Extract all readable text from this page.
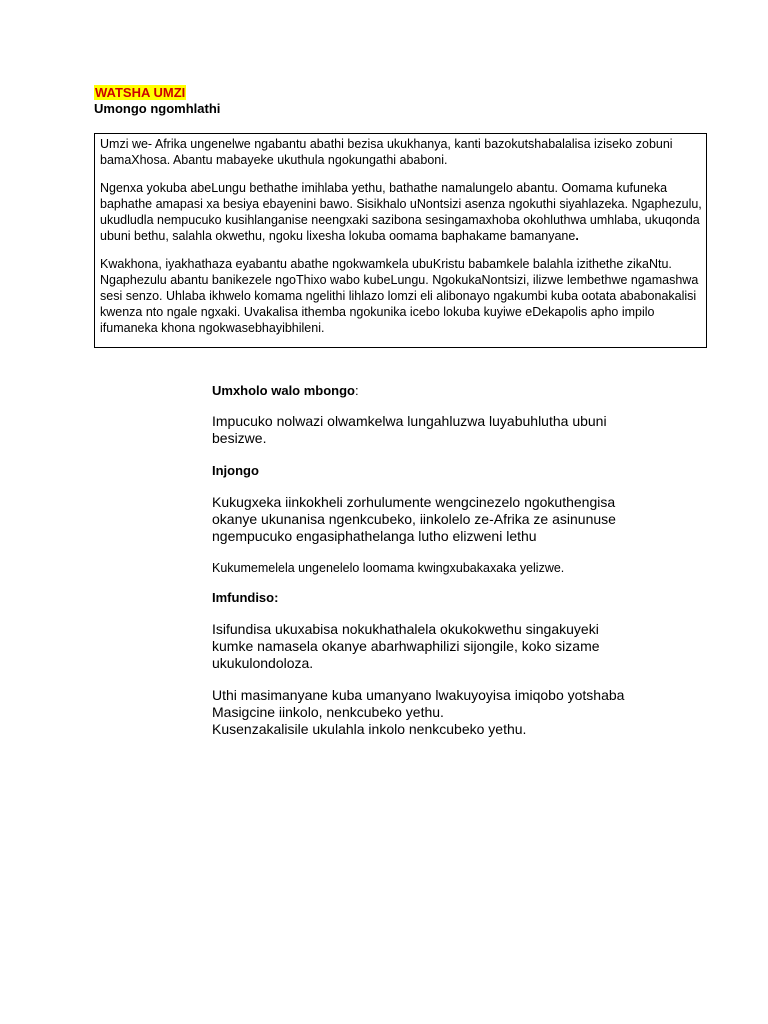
WATSHA UMZI
Umongo ngomhlathi

Umzi we- Afrika ungenelwe ngabantu abathi bezisa ukukhanya, kanti bazokutshabalalisa iziseko zobuni bamaXhosa. Abantu mabayeke ukuthula ngokungathi ababoni.

Ngenxa yokuba abeLungu bethathe imihlaba yethu, bathathe namalungelo abantu. Oomama kufuneka baphathe amapasi xa besiya ebayenini bawo. Sisikhalo uNontsizi asenza ngokuthi siyahlazeka. Ngaphezulu, ukudludla nempucuko kusihlanganise neengxaki sazibona sesingamaxhoba okohluthwa umhlaba, ukuqonda ubuni bethu, salahla okwethu, ngoku lixesha lokuba oomama baphakame bamanyane.

Kwakhona, iyakhathaza eyabantu abathe ngokwamkela ubuKristu babamkele balahla izithethe zikaNtu. Ngaphezulu abantu banikezele ngoThixo wabo kubeLungu. NgokukaNontsizi, ilizwe lembethwe ngamashwa sesi senzo. Uhlaba ikhwelo komama ngelithi lihlazo lomzi eli alibonayo ngakumbi kuba ootata ababonakalisi kwenza nto ngale ngxaki. Uvakalisa ithemba ngokunika icebo lokuba kuyiwe eDekapolis apho impilo ifumaneka khona ngokwasebhayibhileni.

Umxholo walo mbongo:

Impucuko nolwazi olwamkelwa lungahluzwa luyabuhlutha ubuni besizwe.

Injongo

Kukugxeka iinkokheli zorhulumente wengcinezelo ngokuthengisa okanye ukunanisa ngenkcubeko, iinkolelo ze-Afrika ze asinunuse ngempucuko engasiphathelanga lutho elizweni lethu

Kukumemelela ungenelelo loomama kwingxubakaxaka yelizwe.

Imfundiso:

Isifundisa ukuxabisa nokukhathalela okukokwethu singakuyeki kumke namasela okanye abarhwaphilizi sijongile, koko sizame ukukulondoloza.

Uthi masimanyane kuba umanyano lwakuyoyisa imiqobo yotshaba

Masigcine iinkolo, nenkcubeko yethu.

Kusenzakalisile ukulahla inkolo nenkcubeko yethu.
